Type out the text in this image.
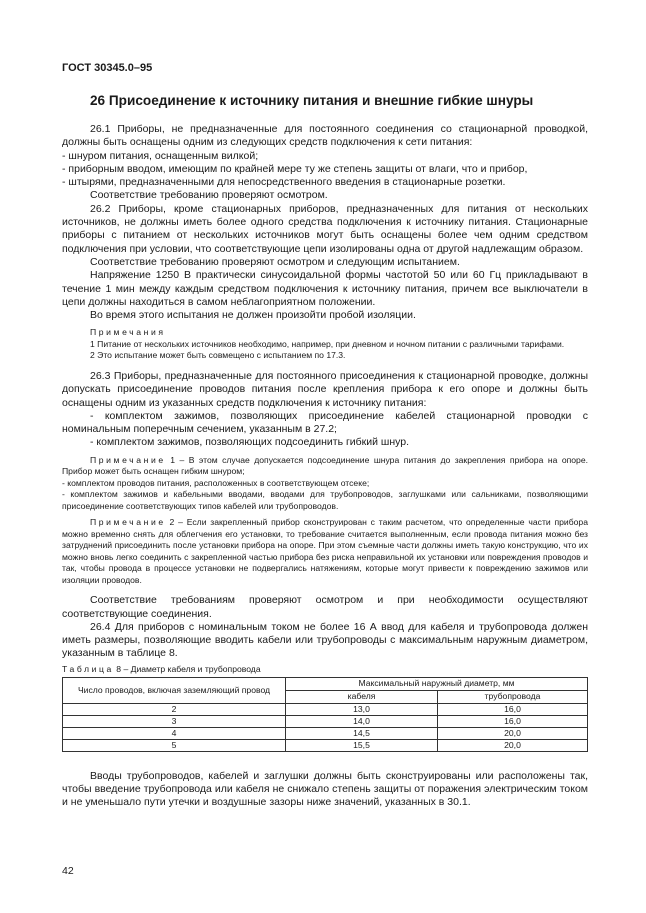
ГОСТ 30345.0–95
26 Присоединение к источнику питания и внешние гибкие шнуры

26.1 Приборы, не предназначенные для постоянного соединения со стационарной проводкой, должны быть оснащены одним из следующих средств подключения к сети питания:

- шнуром питания, оснащенным вилкой;

- приборным вводом, имеющим по крайней мере ту же степень защиты от влаги, что и прибор,

- штырями, предназначенными для непосредственного введения в стационарные розетки.

Соответствие требованию проверяют осмотром.

26.2 Приборы, кроме стационарных приборов, предназначенных для питания от нескольких источников, не должны иметь более одного средства подключения к источнику питания. Стационарные приборы с питанием от нескольких источников могут быть оснащены более чем одним средством подключения при условии, что соответствующие цепи изолированы одна от другой надлежащим образом.

Соответствие требованию проверяют осмотром и следующим испытанием.

Напряжение 1250 В практически синусоидальной формы частотой 50 или 60 Гц прикладывают в течение 1 мин между каждым средством подключения к источнику питания, причем все выключатели в цепи должны находиться в самом неблагоприятном положении.

Во время этого испытания не должен произойти пробой изоляции.

Примечания

1 Питание от нескольких источников необходимо, например, при дневном и ночном питании с различными тарифами.

2 Это испытание может быть совмещено с испытанием по 17.3.

26.3 Приборы, предназначенные для постоянного присоединения к стационарной проводке, должны допускать присоединение проводов питания после крепления прибора к его опоре и должны быть оснащены одним из указанных средств подключения к источнику питания:

- комплектом зажимов, позволяющих присоединение кабелей стационарной проводки с номинальным поперечным сечением, указанным в 27.2;

- комплектом зажимов, позволяющих подсоединить гибкий шнур.

Примечание 1 – В этом случае допускается подсоединение шнура питания до закрепления прибора на опоре. Прибор может быть оснащен гибким шнуром;

- комплектом проводов питания, расположенных в соответствующем отсеке;

- комплектом зажимов и кабельными вводами, вводами для трубопроводов, заглушками или сальниками, позволяющими присоединение соответствующих типов кабелей или трубопроводов.

Примечание 2 – Если закрепленный прибор сконструирован с таким расчетом, что определенные части прибора можно временно снять для облегчения его установки, то требование считается выполненным, если провода питания можно без затруднений присоединить после установки прибора на опоре. При этом съемные части должны иметь такую конструкцию, что их можно вновь легко соединить с закрепленной частью прибора без риска неправильной их установки или повреждения проводов и так, чтобы провода в процессе установки не подвергались натяжениям, которые могут привести к повреждению зажимов или изоляции проводов.

Соответствие требованиям проверяют осмотром и при необходимости осуществляют соответствующие соединения.

26.4 Для приборов с номинальным током не более 16 А ввод для кабеля и трубопровода должен иметь размеры, позволяющие вводить кабели или трубопроводы с максимальным наружным диаметром, указанным в таблице 8.

Таблица 8 – Диаметр кабеля и трубопровода
Число проводов, включая заземляющий провод	Максимальный наружный диаметр, мм	
	кабеля	трубопровода
2	13,0	16,0
3	14,0	16,0
4	14,5	20,0
5	15,5	20,0

Вводы трубопроводов, кабелей и заглушки должны быть сконструированы или расположены так, чтобы введение трубопровода или кабеля не снижало степень защиты от поражения электрическим током и не уменьшало пути утечки и воздушные зазоры ниже значений, указанных в 30.1.

42
